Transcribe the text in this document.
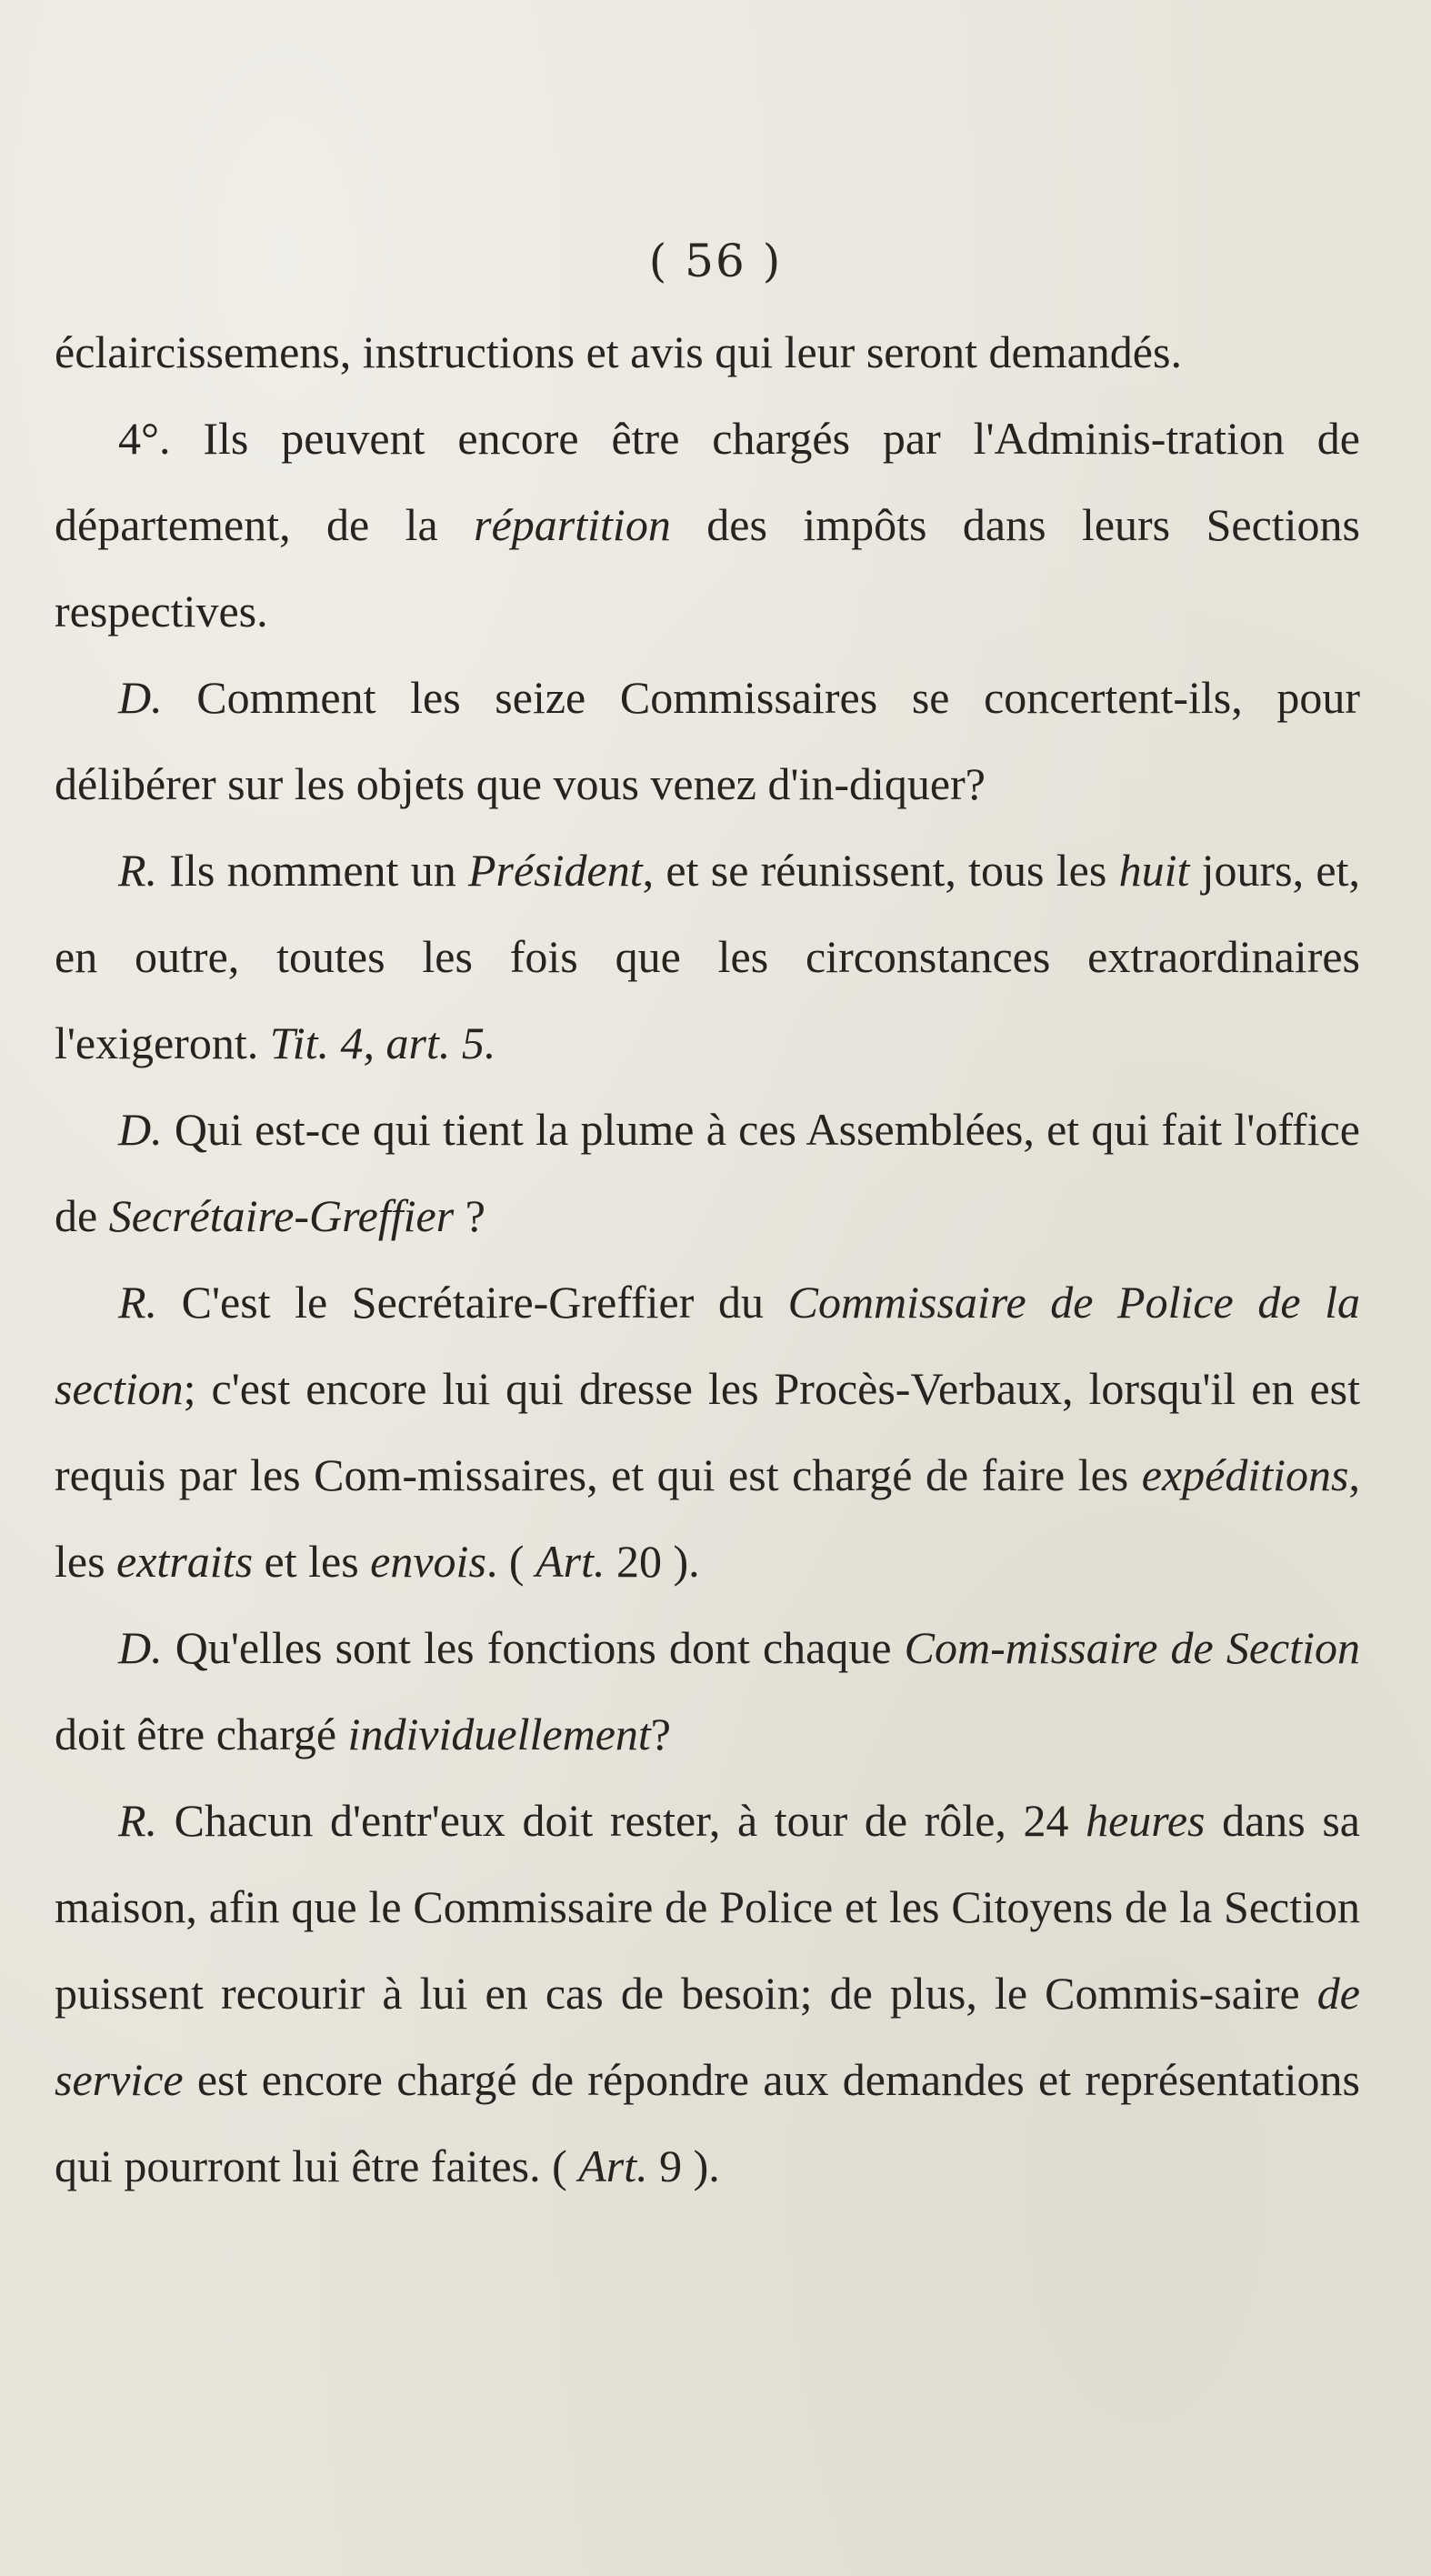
( 56 )

éclaircissemens, instructions et avis qui leur seront demandés.

4°. Ils peuvent encore être chargés par l'Adminis-tration de département, de la répartition des impôts dans leurs Sections respectives.

D. Comment les seize Commissaires se concertent-ils, pour délibérer sur les objets que vous venez d'in-diquer?

R. Ils nomment un Président, et se réunissent, tous les huit jours, et, en outre, toutes les fois que les circonstances extraordinaires l'exigeront. Tit. 4, art. 5.

D. Qui est-ce qui tient la plume à ces Assemblées, et qui fait l'office de Secrétaire-Greffier ?

R. C'est le Secrétaire-Greffier du Commissaire de Police de la section; c'est encore lui qui dresse les Procès-Verbaux, lorsqu'il en est requis par les Com-missaires, et qui est chargé de faire les expéditions, les extraits et les envois. ( Art. 20 ).

D. Qu'elles sont les fonctions dont chaque Com-missaire de Section doit être chargé individuellement?

R. Chacun d'entr'eux doit rester, à tour de rôle, 24 heures dans sa maison, afin que le Commissaire de Police et les Citoyens de la Section puissent recourir à lui en cas de besoin; de plus, le Commis-saire de service est encore chargé de répondre aux demandes et représentations qui pourront lui être faites. ( Art. 9 ).
